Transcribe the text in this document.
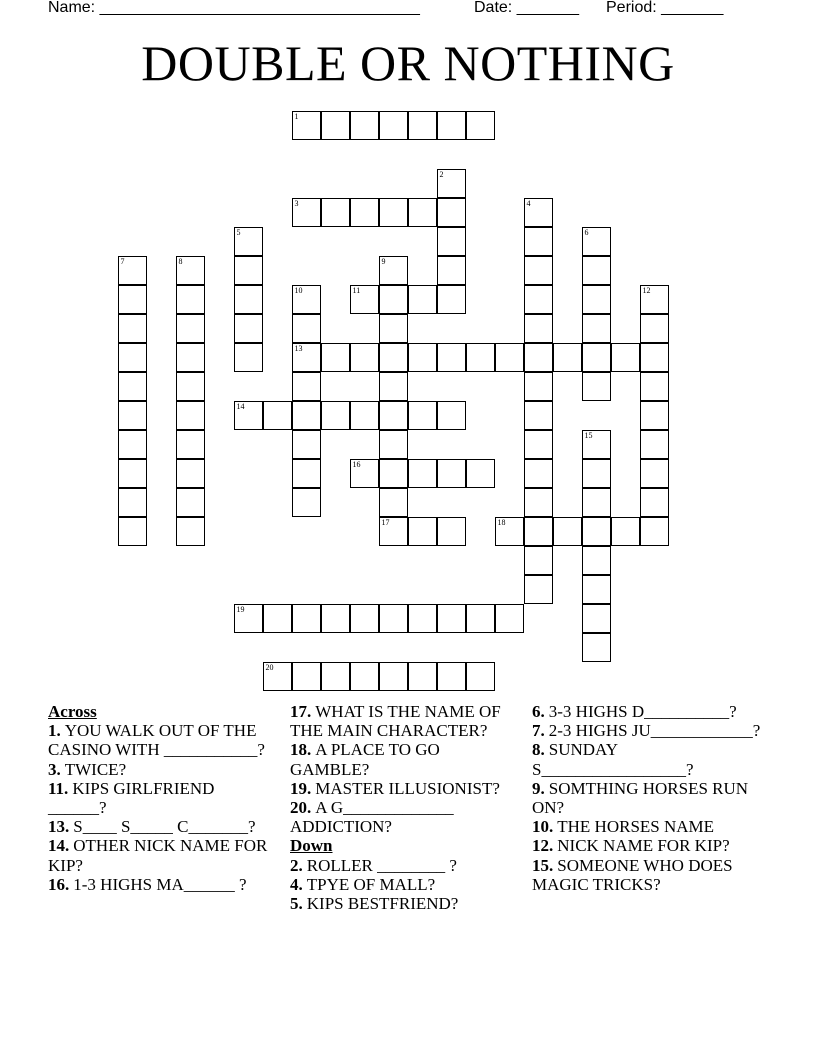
Name: ____________________________________	Date: _______ Period: _______
DOUBLE OR NOTHING
1
2
3	4
5	6
7	8	9
17
10
13
11	12
14
15
16
18
19
20

Across

1. YOU WALK OUT OF THE CASINO WITH ___________?

3. TWICE?

11. KIPS GIRLFRIEND ______?

13. S____ S_____ C_______?

14. OTHER NICK NAME FOR KIP?

16. 1-3 HIGHS MA______ ?

17. WHAT IS THE NAME OF THE MAIN CHARACTER?

18. A PLACE TO GO GAMBLE?

19. MASTER ILLUSIONIST?

20. A G_____________ ADDICTION?

Down

2. ROLLER ________ ?

4. TPYE OF MALL?

5. KIPS BESTFRIEND?

6. 3-3 HIGHS D__________?

7. 2-3 HIGHS JU____________?

8. SUNDAY S_________________?

9. SOMTHING HORSES RUN ON?

10. THE HORSES NAME

12. NICK NAME FOR KIP?

15. SOMEONE WHO DOES MAGIC TRICKS?
